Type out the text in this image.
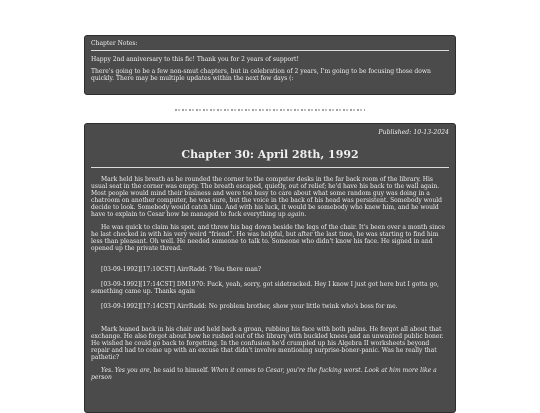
Chapter Notes:

Happy 2nd anniversary to this fic! Thank you for 2 years of support!

There's going to be a few non-smut chapters, but in celebration of 2 years, I'm going to be focusing those down quickly. There may be multiple updates within the next few days (:

Published: 10-13-2024

Chapter 30: April 28th, 1992

Mark held his breath as he rounded the corner to the computer desks in the far back room of the library. His usual seat in the corner was empty. The breath escaped, quietly, out of relief; he'd have his back to the wall again. Most people would mind their business and were too busy to care about what some random guy was doing in a chatroom on another computer, he was sure, but the voice in the back of his head was persistent. Somebody would decide to look. Somebody would catch him. And with his luck, it would be somebody who knew him, and he would have to explain to Cesar how he managed to fuck everything up again.

He was quick to claim his spot, and threw his bag down beside the legs of the chair. It's been over a month since he last checked in with his very weird “friend”. He was helpful, but after the last time, he was starting to find him less than pleasant. Oh well. He needed someone to talk to. Someone who didn't know his face. He signed in and opened up the private thread.

[03-09-1992][17:10CST] AirrRadd: ? You there man?

[03-09-1992][17:14CST] DM1970: Fuck, yeah, sorry, got sidetracked. Hey I know I just got here but I gotta go, something came up. Thanks again

[03-09-1992][17:14CST] AirrRadd: No problem brother, show your little twink who's boss for me.

Mark leaned back in his chair and held back a groan, rubbing his face with both palms. He forgot all about that exchange. He also forgot about how he rushed out of the library with buckled knees and an unwanted public boner. He wished he could go back to forgetting. In the confusion he'd crumpled up his Algebra II worksheets beyond repair and had to come up with an excuse that didn't involve mentioning surprise-boner-panic. Was he really that pathetic?

Yes. Yes you are, he said to himself. When it comes to Cesar, you're the fucking worst. Look at him more like a person
